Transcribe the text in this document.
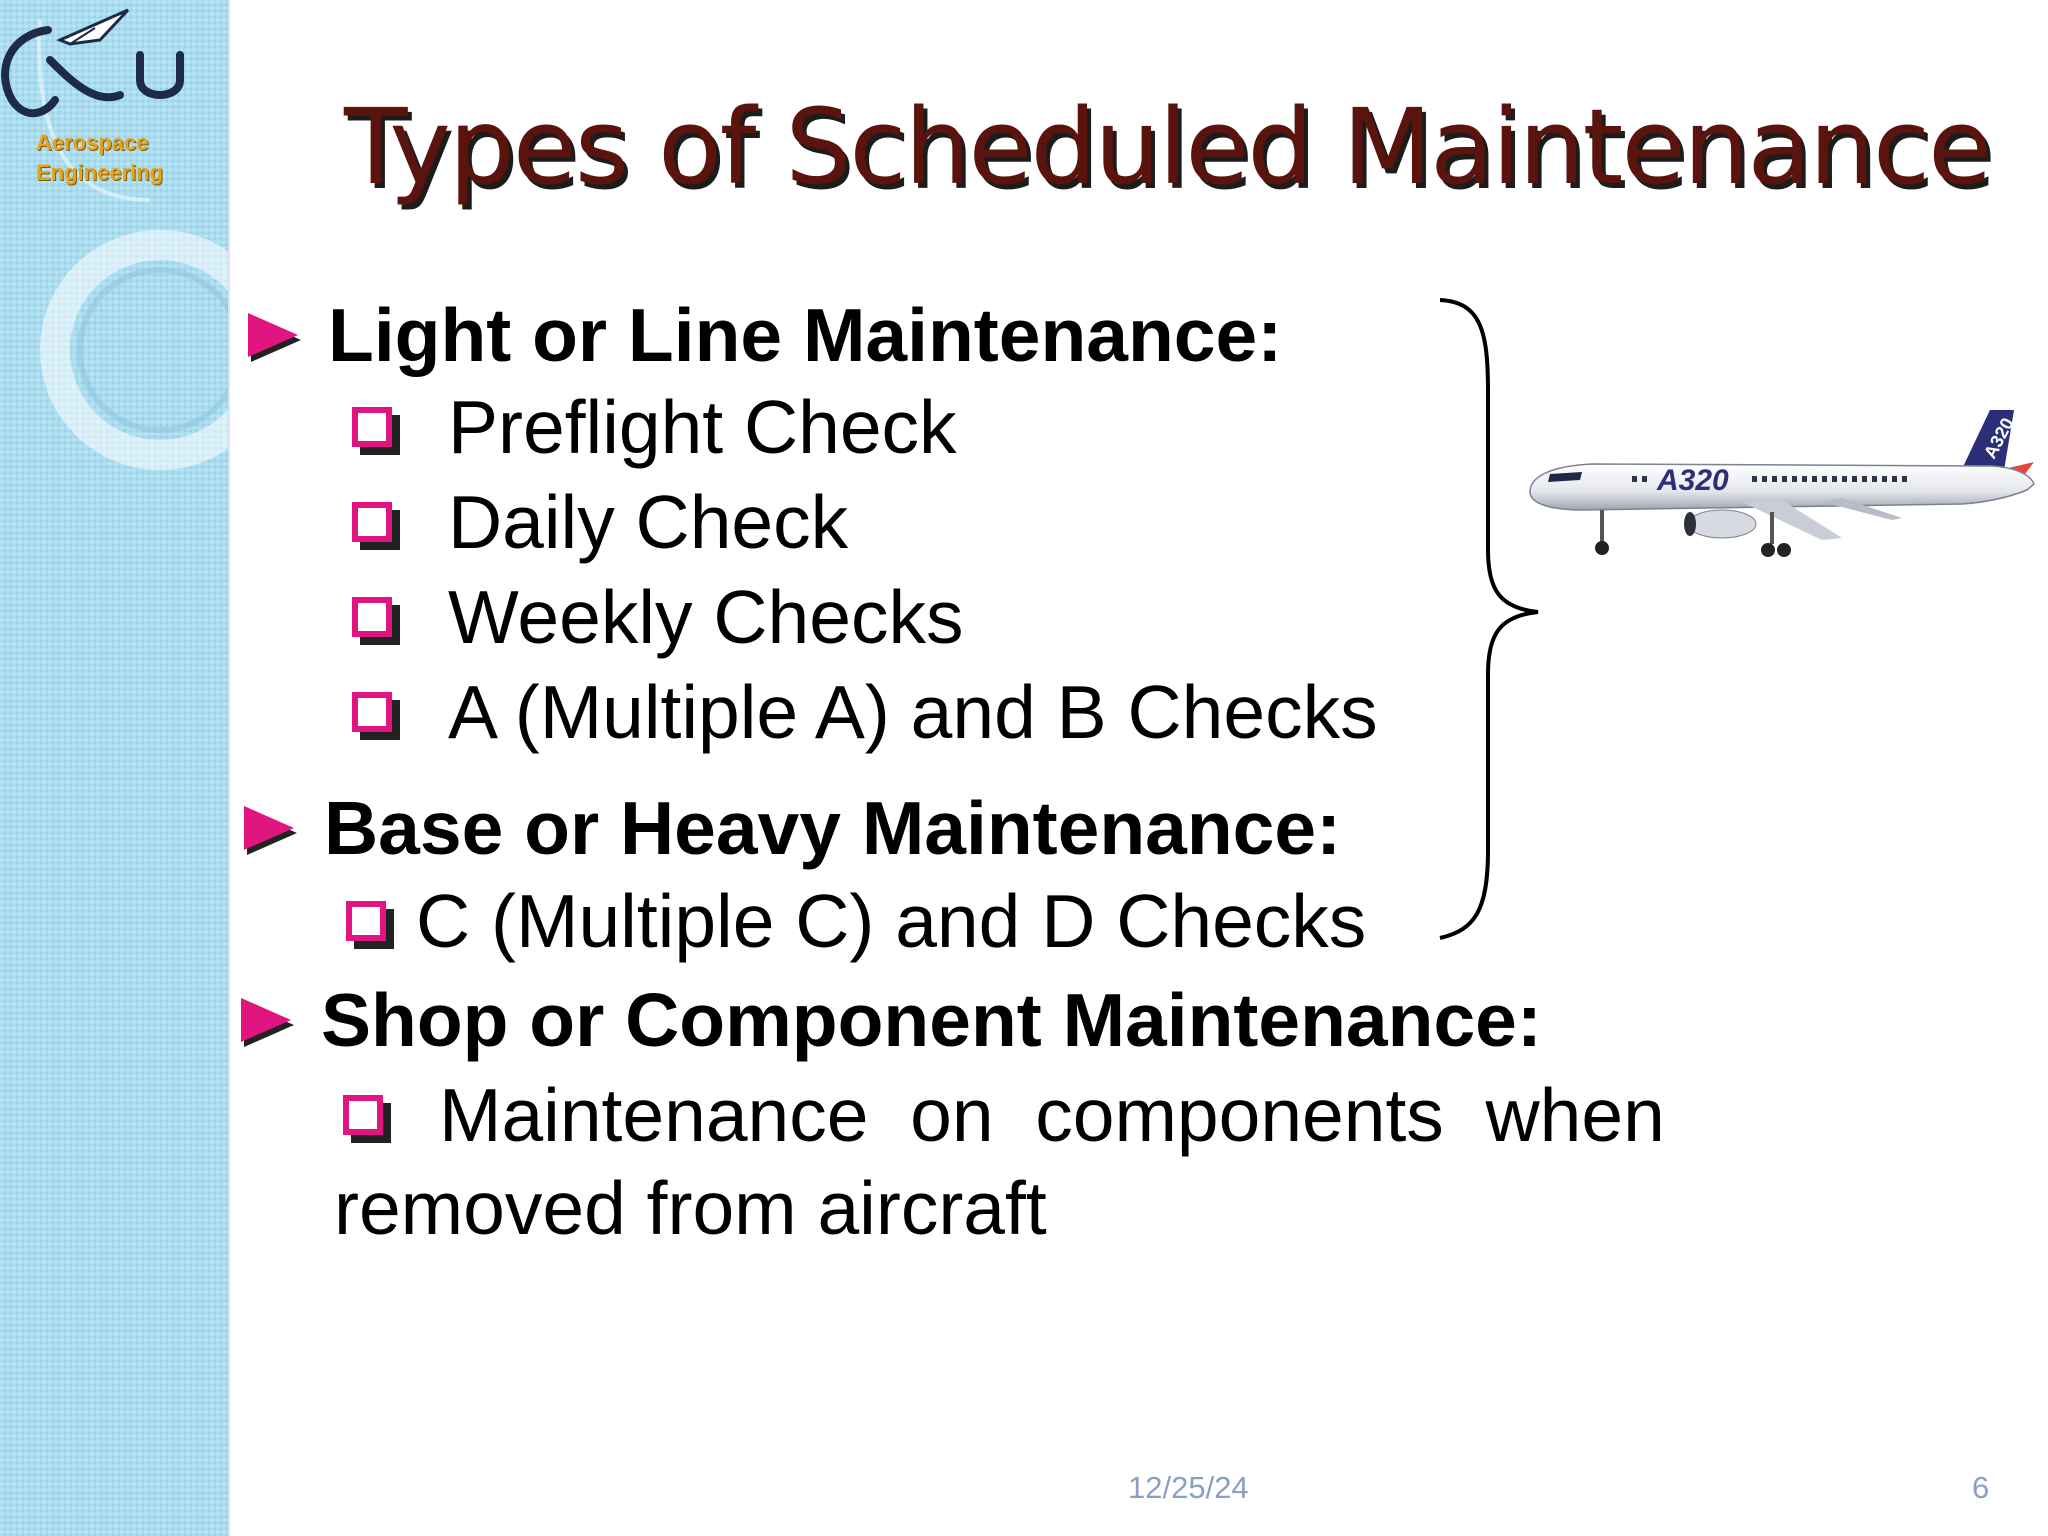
Aerospace
Engineering Types of Scheduled Maintenance
Light or Line Maintenance:
Preflight Check
Daily Check
Weekly Checks
A (Multiple A) and B Checks
Base or Heavy Maintenance:
C (Multiple C) and D Checks
Shop or Component Maintenance:
Maintenance  on  components  when
removed from aircraft
A320
A320
12/25/24	6
